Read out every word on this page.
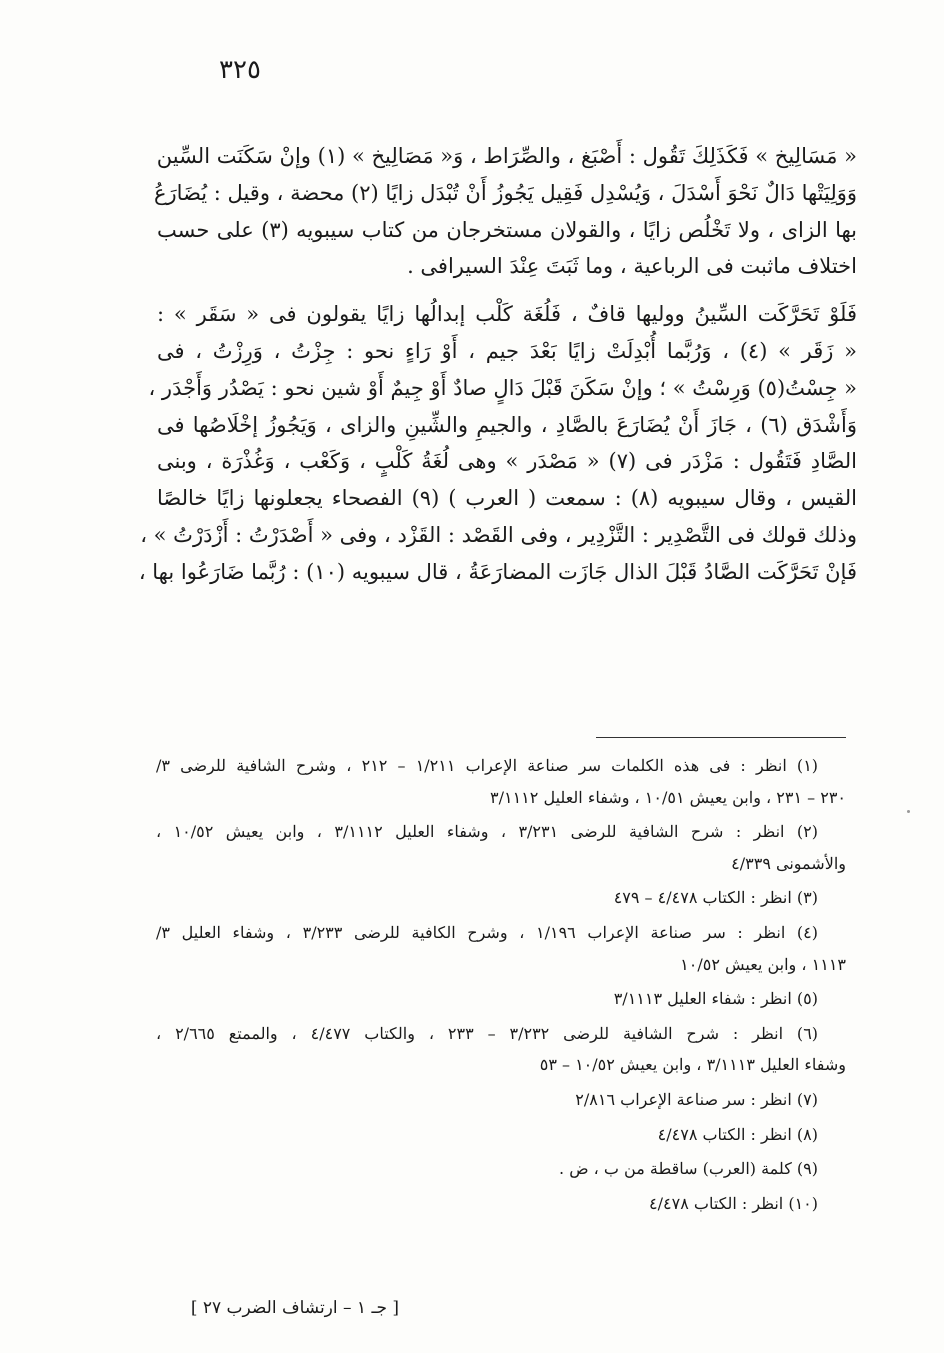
٣٢٥
« مَسَالِيخ » فَكَذَلِكَ تَقُول : أَصْبَغ ، والصِّرَاط ، وَ« مَصَالِيخ » (١) وإنْ سَكَنَت السِّين
وَوَلِيَتْها دَالٌ نَحْوَ أَسْدَلَ ، وَيُسْدِل فَقِيل يَجُوزُ أَنْ تُبْدَل زايًا (٢) محضة ، وقيل : يُضَارَعُ
بها الزاى ، ولا تَخْلُص زايًا ، والقولان مستخرجان من كتاب سيبويه (٣) على حسب
اختلاف ماثبت فى الرباعية ، وما ثَبَتَ عِنْدَ السيرافى .
فَلَوْ تَحَرَّكَت السِّينُ ووليها قافٌ ، فَلُغَة كَلْب إبدالُها زايًا يقولون فى « سَقَر » :
« زَقَر » (٤) ، وَرُبَّما أُبْدِلَتْ زايًا بَعْدَ جيم ، أَوْ رَاءٍ نحو : جِزْتُ ، وَرِزْتُ ، فى
« جِسْتُ(٥) وَرِسْتُ » ؛ وإنْ سَكَنَ قَبْلَ دَالٍ صادٌ أَوْ جِيمٌ أَوْ شين نحو : يَصْدُر وَأَجْدَر ،
وَأَشْدَق (٦) ، جَازَ أَنْ يُضَارَعَ بالصَّادِ ، والجيمِ والشِّينِ والزاى ، وَيَجُوزُ إخْلَاصُها فى
الصَّادِ فَتَقُول : مَزْدَر فى (٧) « مَصْدَر » وهى لُغَةُ كَلْبٍ ، وَكَعْب ، وَغُذْرَة ، وبنى
القيس ، وقال سيبويه (٨) : سمعت ( العرب ) (٩) الفصحاء يجعلونها زايًا خالصًا
وذلك قولك فى التَّصْدِير : التَّزْدِير ، وفى القَصْد : القَزْد ، وفى « أَصْدَرْتُ : أَزْدَرْتُ » ،
فَإنْ تَحَرَّكَت الصَّادُ قَبْلَ الذال جَازَت المضارَعَةُ ، قال سيبويه (١٠) : رُبَّما ضَارَعُوا بها ،
(١) انظر : فى هذه الكلمات سر صناعة الإعراب ١/٢١١ – ٢١٢ ، وشرح الشافية للرضى ٣/
٢٣٠ – ٢٣١ ، وابن يعيش ١٠/٥١ ، وشفاء العليل ٣/١١١٢
(٢) انظر : شرح الشافية للرضى ٣/٢٣١ ، وشفاء العليل ٣/١١١٢ ، وابن يعيش ١٠/٥٢ ،
والأشمونى ٤/٣٣٩
(٣) انظر : الكتاب ٤/٤٧٨ – ٤٧٩
(٤) انظر : سر صناعة الإعراب ١/١٩٦ ، وشرح الكافية للرضى ٣/٢٣٣ ، وشفاء العليل ٣/
١١١٣ ، وابن يعيش ١٠/٥٢
(٥) انظر : شفاء العليل ٣/١١١٣
(٦) انظر : شرح الشافية للرضى ٣/٢٣٢ – ٢٣٣ ، والكتاب ٤/٤٧٧ ، والممتع ٢/٦٦٥ ،
وشفاء العليل ٣/١١١٣ ، وابن يعيش ١٠/٥٢ – ٥٣
(٧) انظر : سر صناعة الإعراب ٢/٨١٦
(٨) انظر : الكتاب ٤/٤٧٨
(٩) كلمة (العرب) ساقطة من ب ، ض .
(١٠) انظر : الكتاب ٤/٤٧٨
[ جـ ١ – ارتشاف الضرب ٢٧ ]
